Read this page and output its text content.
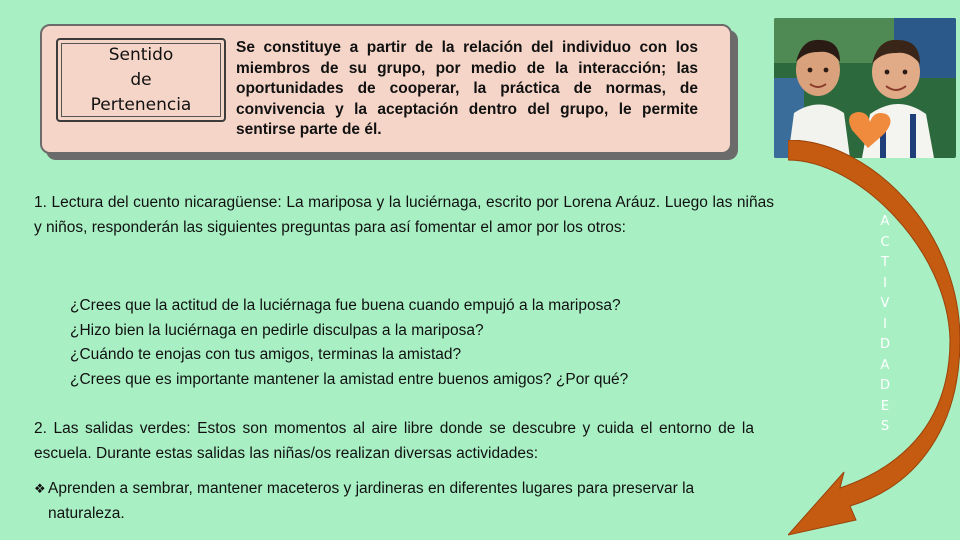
Sentido
de
Pertenencia
Se constituye a partir de la relación del individuo con los miembros de su grupo, por medio de la interacción; las oportunidades de cooperar, la práctica de normas, de convivencia y la aceptación dentro del grupo, le permite sentirse parte de él.
A
C
T
I
V
I
D
A
D
E
S
1. Lectura del cuento nicaragüense: La mariposa y la luciérnaga, escrito por Lorena Aráuz. Luego las niñas y niños, responderán las siguientes preguntas para así fomentar el amor por los otros:
¿Crees que la actitud de la luciérnaga fue buena cuando empujó a la mariposa?
¿Hizo bien la luciérnaga en pedirle disculpas a la mariposa?
¿Cuándo te enojas con tus amigos, terminas la amistad?
¿Crees que es importante mantener la amistad entre buenos amigos? ¿Por qué?
2. Las salidas verdes: Estos son momentos al aire libre donde se descubre y cuida el entorno de la escuela. Durante estas salidas las niñas/os realizan diversas actividades:
❖ Aprenden a sembrar, mantener maceteros y jardineras en diferentes lugares para preservar la naturaleza.
